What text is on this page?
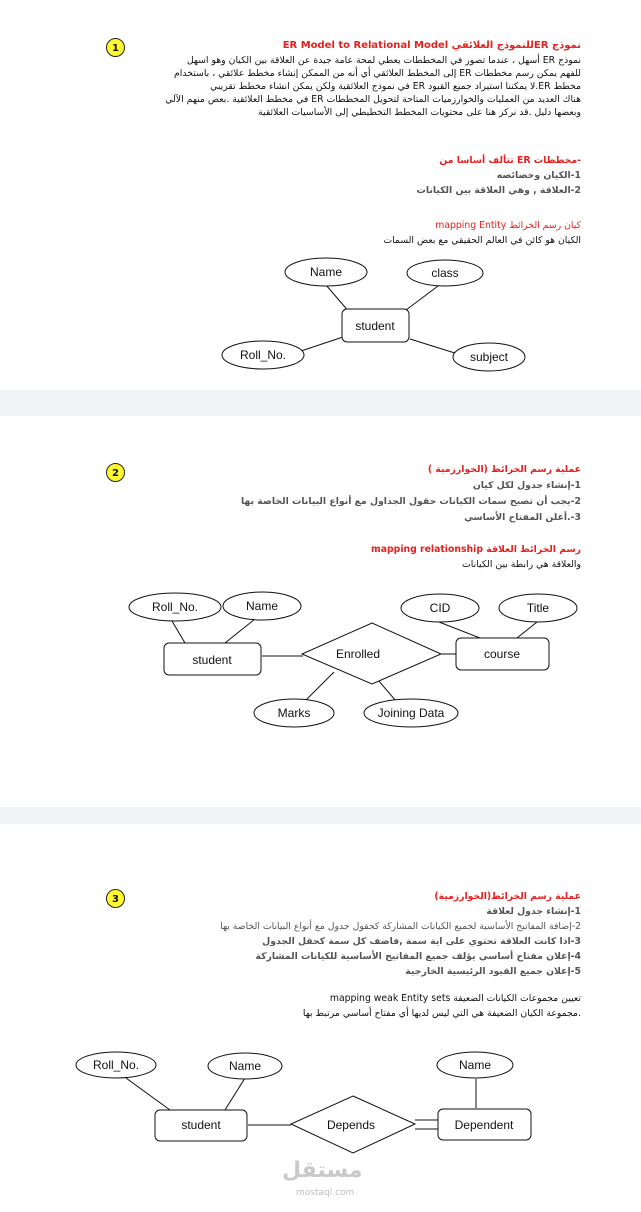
1	نموذج ERللنموذج العلائقي ER Model to Relational Model
نموذج ER أسهل ، عندما تصور في المخططات يعطي لمحة عامة جيدة عن العلاقة بين الكيان وهو اسهل
للفهم يمكن رسم مخططات ER إلى المخطط العلائقي أي أنه من الممكن إنشاء مخطط علائقي ، باستخدام
مخطط ER.لا يمكننا استيراد جميع القيود ER في نموذج العلائقية ولكن يمكن انشاء مخطط تقريبي
هناك العديد من العمليات والخوارزميات المتاحة لتحويل المخططات ER في مخطط العلائقية .بعض منهم الآلي
وبعضها دليل .قد نركز هنا على محتويات المخطط التخطيطي إلى الأساسيات العلائقية
-مخططات ER تتألف أساسا من
1-الكيان وخصائصه
2-العلاقة , وهي العلاقة بين الكيانات
كيان رسم الخرائط mapping Entity
الكيان هو كائن في العالم الحقيقي مع بعض السمات
student
Name	class
Roll_No.	subject
2	عملية رسم الخرائط (الخوارزمية )
1-إنشاء جدول لكل كيان
2-يجب أن تصبح سمات الكيانات حقول الجداول مع أنواع البيانات الخاصة بها
3-.أعلن المفتاح الأساسي
رسم الخرائط العلاقة mapping relationship
والعلاقة هي رابطة بين الكيانات
student	course
Enrolled
Roll_No.	Name	CID	Title
Marks	Joining Data
3	عملية رسم الخرائط(الخوارزمية)
1-إنشاء جدول لعلاقة
2-إضافة المفاتيح الأساسية لجميع الكيانات المشاركة كحقول جدول مع أنواع البيانات الخاصة بها
3-اذا كانت العلاقة تحتوي على اية سمة ,فاضف كل سمة كحقل الجدول
4-إعلان مفتاح أساسي يؤلف جميع المفاتيح الأساسية للكيانات المشاركة
5-إعلان جميع القيود الرئيسية الخارجية
تعيين مجموعات الكيانات الضعيفة mapping weak Entity sets
.مجموعة الكيان الضعيفة هي التي ليس لديها أي مفتاح أساسي مرتبط بها
student	Dependent
Depends
Roll_No.	Name	Name
مستقل
mostaql.com
